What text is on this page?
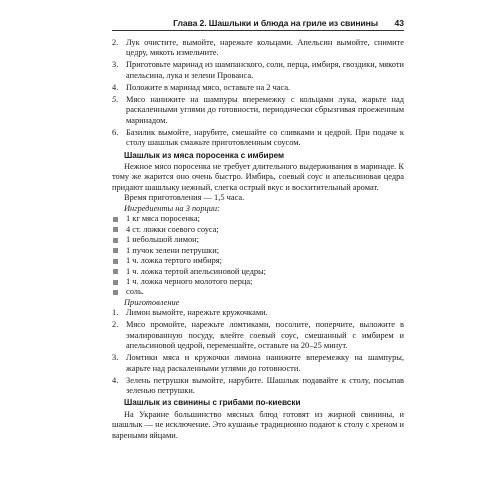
Глава 2. Шашлыки и блюда на гриле из свинины 43
2. Лук очистите, вымойте, нарежьте кольцами. Апельсин вымойте, снимите цедру, мякоть измельчите.
3. Приготовьте маринад из шампанского, соли, перца, имбиря, гвоздики, мякоти апельсина, лука и зелени Прованса.
4. Положите в маринад мясо, оставьте на 2 часа.
5. Мясо нанижите на шампуры вперемежку с кольцами лука, жарьте над раскаленными углями до готовности, периодически сбрызгивая проеженным маринадом.
6. Базилик вымойте, нарубите, смешайте со сливками и цедрой. При подаче к столу шашлык смажьте приготовленным соусом.
Шашлык из мяса поросенка с имбирем
Нежное мясо поросенка не требует длительного выдерживания в маринаде. К тому же жарится оно очень быстро. Имбирь, соевый соус и апельсиновая цедра придают шашлыку нежный, слегка острый вкус и восхитительный аромат.
Время приготовления — 1,5 часа.
Ингредиенты на 3 порции:
1 кг мяса поросенка;
4 ст. ложки соевого соуса;
1 небольшой лимон;
1 пучок зелени петрушки;
1 ч. ложка тертого имбиря;
1 ч. ложка тертой апельсиновой цедры;
1 ч. ложка черного молотого перца;
соль.
Приготовление
1. Лимон вымойте, нарежьте кружочками.
2. Мясо промойте, нарежьте ломтиками, посолите, поперчите, выложите в эмалированную посуду, влейте соевый соус, смешанный с имбирем и апельсиновой цедрой, перемешайте, оставьте на 20–25 минут.
3. Ломтики мяса и кружочки лимона нанижите вперемежку на шампуры, жарьте над раскаленными углями до готовности.
4. Зелень петрушки вымойте, нарубите. Шашлык подавайте к столу, посыпав зеленью петрушки.
Шашлык из свинины с грибами по-киевски
На Украине большинство мясных блюд готовят из жирной свинины, и шашлык — не исключение. Это кушанье традиционно подают к столу с хреном и вареными яйцами.
